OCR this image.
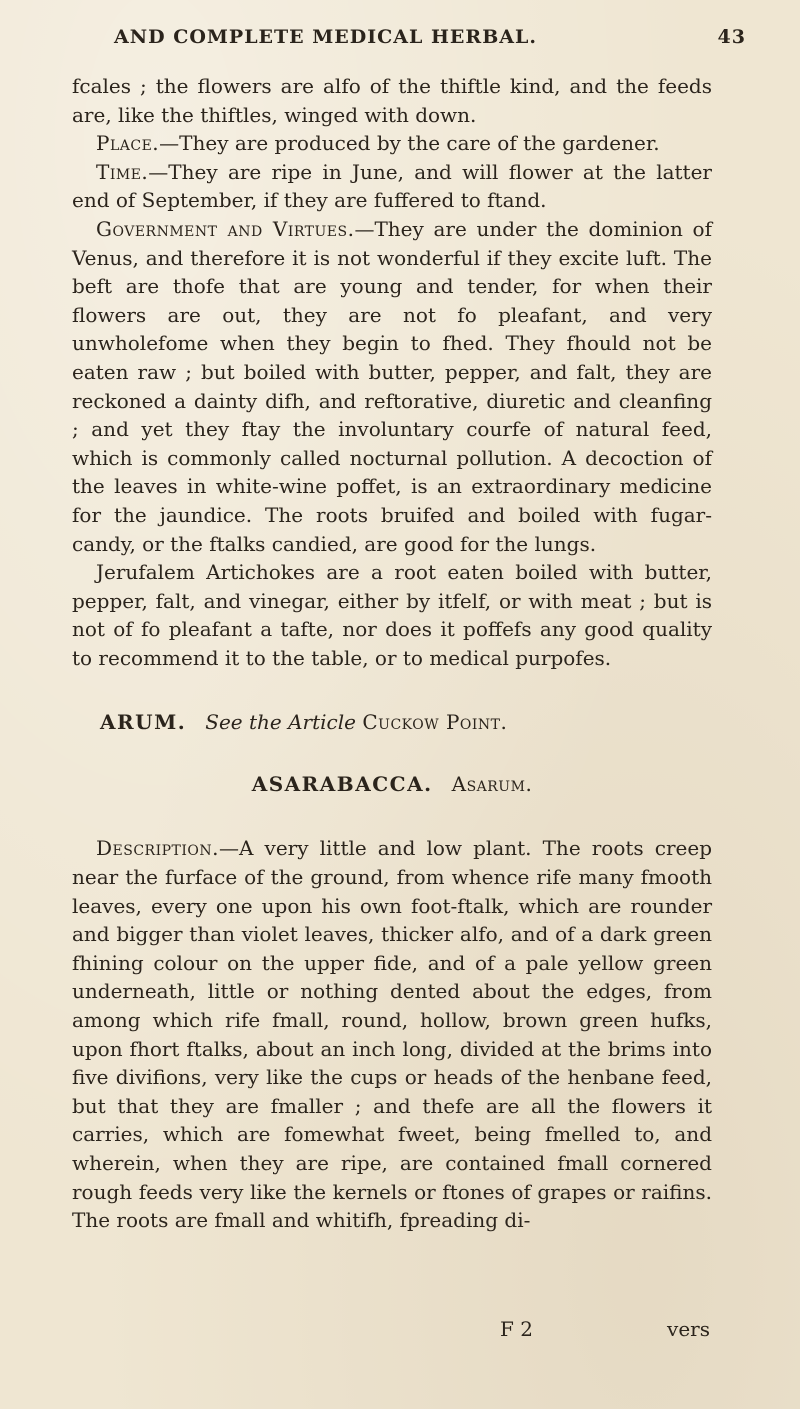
AND COMPLETE MEDICAL HERBAL.	43

fcales ; the flowers are alfo of the thiftle kind, and the feeds are, like the thiftles, winged with down.

Place.—They are produced by the care of the gardener.

Time.—They are ripe in June, and will flower at the latter end of September, if they are fuffered to ftand.

Government and Virtues.—They are under the dominion of Venus, and therefore it is not wonderful if they excite luft. The beft are thofe that are young and tender, for when their flowers are out, they are not fo pleafant, and very unwholefome when they begin to fhed. They fhould not be eaten raw ; but boiled with butter, pepper, and falt, they are reckoned a dainty difh, and reftorative, diuretic and cleanfing ; and yet they ftay the involuntary courfe of natural feed, which is commonly called nocturnal pollution. A decoction of the leaves in white-wine poffet, is an extraordinary medicine for the jaundice. The roots bruifed and boiled with fugar-candy, or the ftalks candied, are good for the lungs.

Jerufalem Artichokes are a root eaten boiled with butter, pepper, falt, and vinegar, either by itfelf, or with meat ; but is not of fo pleafant a tafte, nor does it poffefs any good quality to recommend it to the table, or to medical purpofes.

ARUM. See the Article Cuckow Point.

ASARABACCA. Asarum.

Description.—A very little and low plant. The roots creep near the furface of the ground, from whence rife many fmooth leaves, every one upon his own foot-ftalk, which are rounder and bigger than violet leaves, thicker alfo, and of a dark green fhining colour on the upper fide, and of a pale yellow green underneath, little or nothing dented about the edges, from among which rife fmall, round, hollow, brown green hufks, upon fhort ftalks, about an inch long, divided at the brims into five divifions, very like the cups or heads of the henbane feed, but that they are fmaller ; and thefe are all the flowers it carries, which are fomewhat fweet, being fmelled to, and wherein, when they are ripe, are contained fmall cornered rough feeds very like the kernels or ftones of grapes or raifins. The roots are fmall and whitifh, fpreading di-

F 2	vers
